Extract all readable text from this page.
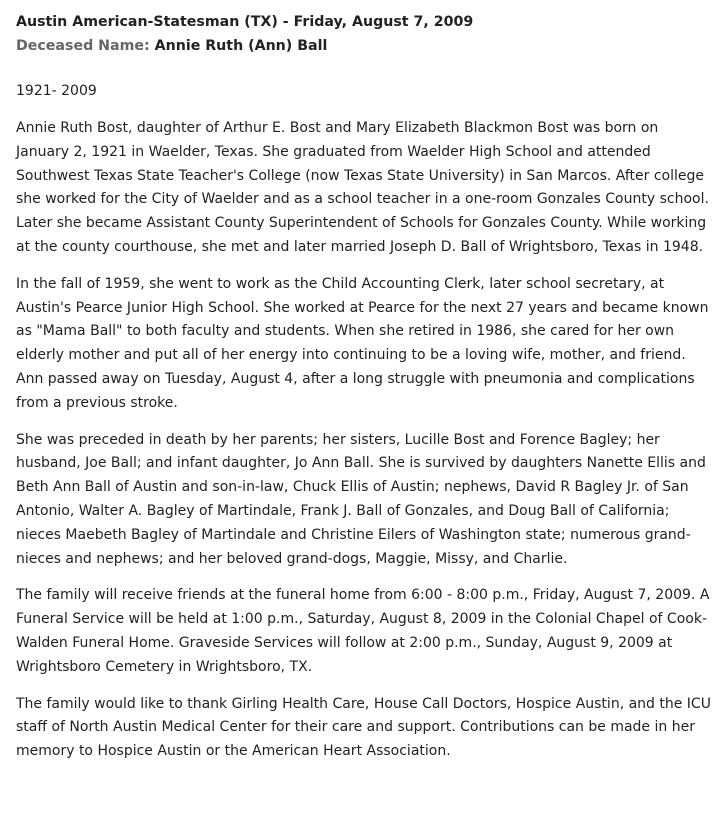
Austin American-Statesman (TX) - Friday, August 7, 2009
Deceased Name: Annie Ruth (Ann) Ball
1921- 2009

Annie Ruth Bost, daughter of Arthur E. Bost and Mary Elizabeth Blackmon Bost was born on January 2, 1921 in Waelder, Texas. She graduated from Waelder High School and attended Southwest Texas State Teacher's College (now Texas State University) in San Marcos. After college she worked for the City of Waelder and as a school teacher in a one-room Gonzales County school. Later she became Assistant County Superintendent of Schools for Gonzales County. While working at the county courthouse, she met and later married Joseph D. Ball of Wrightsboro, Texas in 1948.

In the fall of 1959, she went to work as the Child Accounting Clerk, later school secretary, at Austin's Pearce Junior High School. She worked at Pearce for the next 27 years and became known as "Mama Ball" to both faculty and students. When she retired in 1986, she cared for her own elderly mother and put all of her energy into continuing to be a loving wife, mother, and friend. Ann passed away on Tuesday, August 4, after a long struggle with pneumonia and complications from a previous stroke.

She was preceded in death by her parents; her sisters, Lucille Bost and Forence Bagley; her husband, Joe Ball; and infant daughter, Jo Ann Ball. She is survived by daughters Nanette Ellis and Beth Ann Ball of Austin and son-in-law, Chuck Ellis of Austin; nephews, David R Bagley Jr. of San Antonio, Walter A. Bagley of Martindale, Frank J. Ball of Gonzales, and Doug Ball of California; nieces Maebeth Bagley of Martindale and Christine Eilers of Washington state; numerous grand-nieces and nephews; and her beloved grand-dogs, Maggie, Missy, and Charlie.

The family will receive friends at the funeral home from 6:00 - 8:00 p.m., Friday, August 7, 2009. A Funeral Service will be held at 1:00 p.m., Saturday, August 8, 2009 in the Colonial Chapel of Cook-Walden Funeral Home. Graveside Services will follow at 2:00 p.m., Sunday, August 9, 2009 at Wrightsboro Cemetery in Wrightsboro, TX.

The family would like to thank Girling Health Care, House Call Doctors, Hospice Austin, and the ICU staff of North Austin Medical Center for their care and support. Contributions can be made in her memory to Hospice Austin or the American Heart Association.
